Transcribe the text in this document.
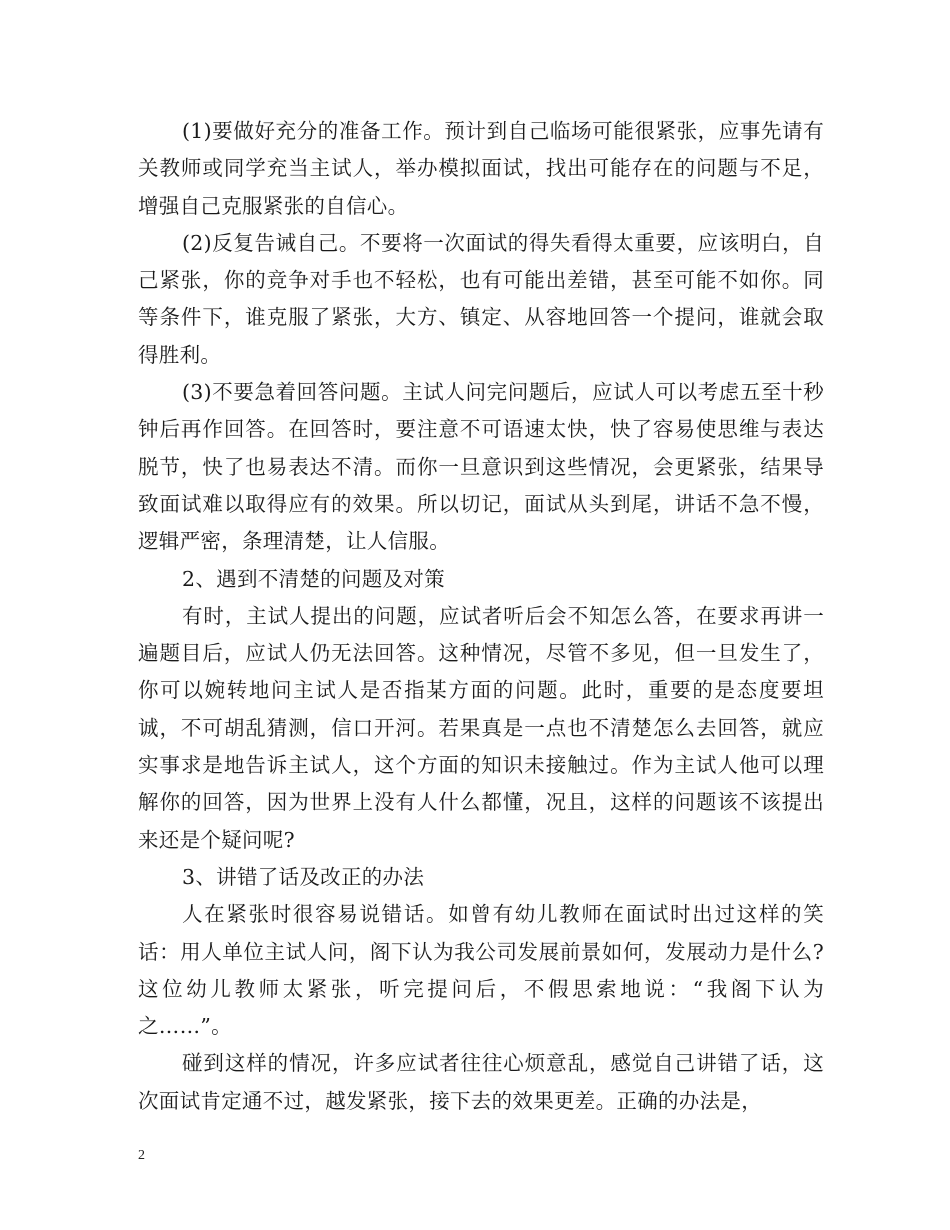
(1)要做好充分的准备工作。预计到自己临场可能很紧张，应事先请有关教师或同学充当主试人，举办模拟面试，找出可能存在的问题与不足，增强自己克服紧张的自信心。

(2)反复告诫自己。不要将一次面试的得失看得太重要，应该明白，自己紧张，你的竞争对手也不轻松，也有可能出差错，甚至可能不如你。同等条件下，谁克服了紧张，大方、镇定、从容地回答一个提问，谁就会取得胜利。

(3)不要急着回答问题。主试人问完问题后，应试人可以考虑五至十秒钟后再作回答。在回答时，要注意不可语速太快，快了容易使思维与表达脱节，快了也易表达不清。而你一旦意识到这些情况，会更紧张，结果导致面试难以取得应有的效果。所以切记，面试从头到尾，讲话不急不慢，逻辑严密，条理清楚，让人信服。

2、遇到不清楚的问题及对策

有时，主试人提出的问题，应试者听后会不知怎么答，在要求再讲一遍题目后，应试人仍无法回答。这种情况，尽管不多见，但一旦发生了，你可以婉转地问主试人是否指某方面的问题。此时，重要的是态度要坦诚，不可胡乱猜测，信口开河。若果真是一点也不清楚怎么去回答，就应实事求是地告诉主试人，这个方面的知识未接触过。作为主试人他可以理解你的回答，因为世界上没有人什么都懂，况且，这样的问题该不该提出来还是个疑问呢?

3、讲错了话及改正的办法

人在紧张时很容易说错话。如曾有幼儿教师在面试时出过这样的笑话：用人单位主试人问，阁下认为我公司发展前景如何，发展动力是什么?这位幼儿教师太紧张，听完提问后，不假思索地说：“我阁下认为之……”。

碰到这样的情况，许多应试者往往心烦意乱，感觉自己讲错了话，这次面试肯定通不过，越发紧张，接下去的效果更差。正确的办法是，

2
